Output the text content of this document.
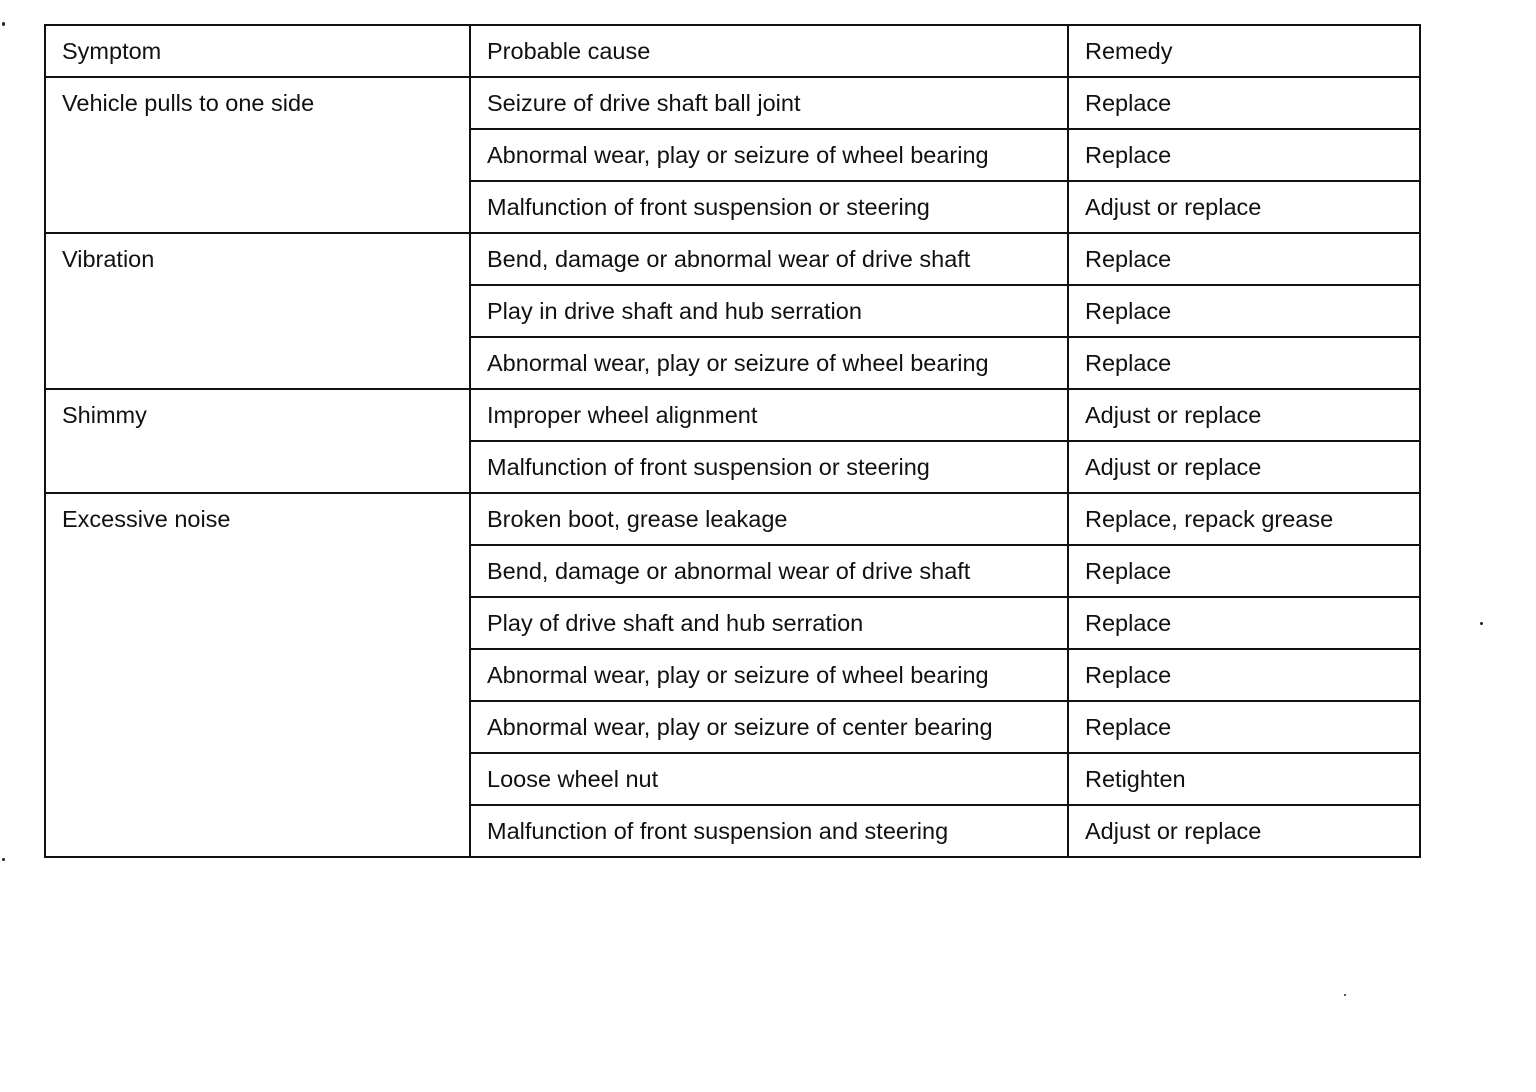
Symptom	Probable cause	Remedy
Vehicle pulls to one side	Seizure of drive shaft ball joint	Replace
	Abnormal wear, play or seizure of wheel bearing	Replace
	Malfunction of front suspension or steering	Adjust or replace
Vibration	Bend, damage or abnormal wear of drive shaft	Replace
	Play in drive shaft and hub serration	Replace
	Abnormal wear, play or seizure of wheel bearing	Replace
Shimmy	Improper wheel alignment	Adjust or replace
	Malfunction of front suspension or steering	Adjust or replace
Excessive noise	Broken boot, grease leakage	Replace, repack grease
	Bend, damage or abnormal wear of drive shaft	Replace
	Play of drive shaft and hub serration	Replace
	Abnormal wear, play or seizure of wheel bearing	Replace
	Abnormal wear, play or seizure of center bearing	Replace
	Loose wheel nut	Retighten
	Malfunction of front suspension and steering	Adjust or replace
